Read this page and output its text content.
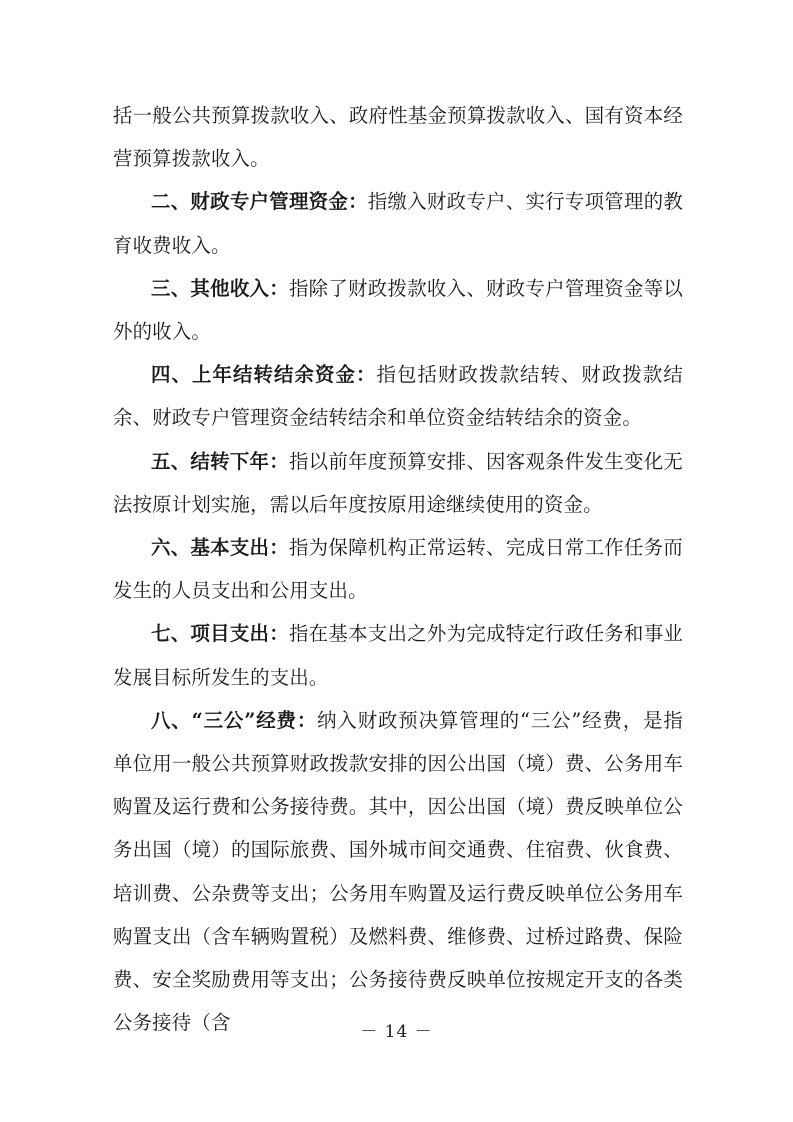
括一般公共预算拨款收入、政府性基金预算拨款收入、国有资本经营预算拨款收入。

二、财政专户管理资金：指缴入财政专户、实行专项管理的教育收费收入。

三、其他收入：指除了财政拨款收入、财政专户管理资金等以外的收入。

四、上年结转结余资金：指包括财政拨款结转、财政拨款结余、财政专户管理资金结转结余和单位资金结转结余的资金。

五、结转下年：指以前年度预算安排、因客观条件发生变化无法按原计划实施，需以后年度按原用途继续使用的资金。

六、基本支出：指为保障机构正常运转、完成日常工作任务而发生的人员支出和公用支出。

七、项目支出：指在基本支出之外为完成特定行政任务和事业发展目标所发生的支出。

八、“三公”经费：纳入财政预决算管理的“三公”经费，是指单位用一般公共预算财政拨款安排的因公出国（境）费、公务用车购置及运行费和公务接待费。其中，因公出国（境）费反映单位公务出国（境）的国际旅费、国外城市间交通费、住宿费、伙食费、培训费、公杂费等支出；公务用车购置及运行费反映单位公务用车购置支出（含车辆购置税）及燃料费、维修费、过桥过路费、保险费、安全奖励费用等支出；公务接待费反映单位按规定开支的各类公务接待（含	－ 14 －
